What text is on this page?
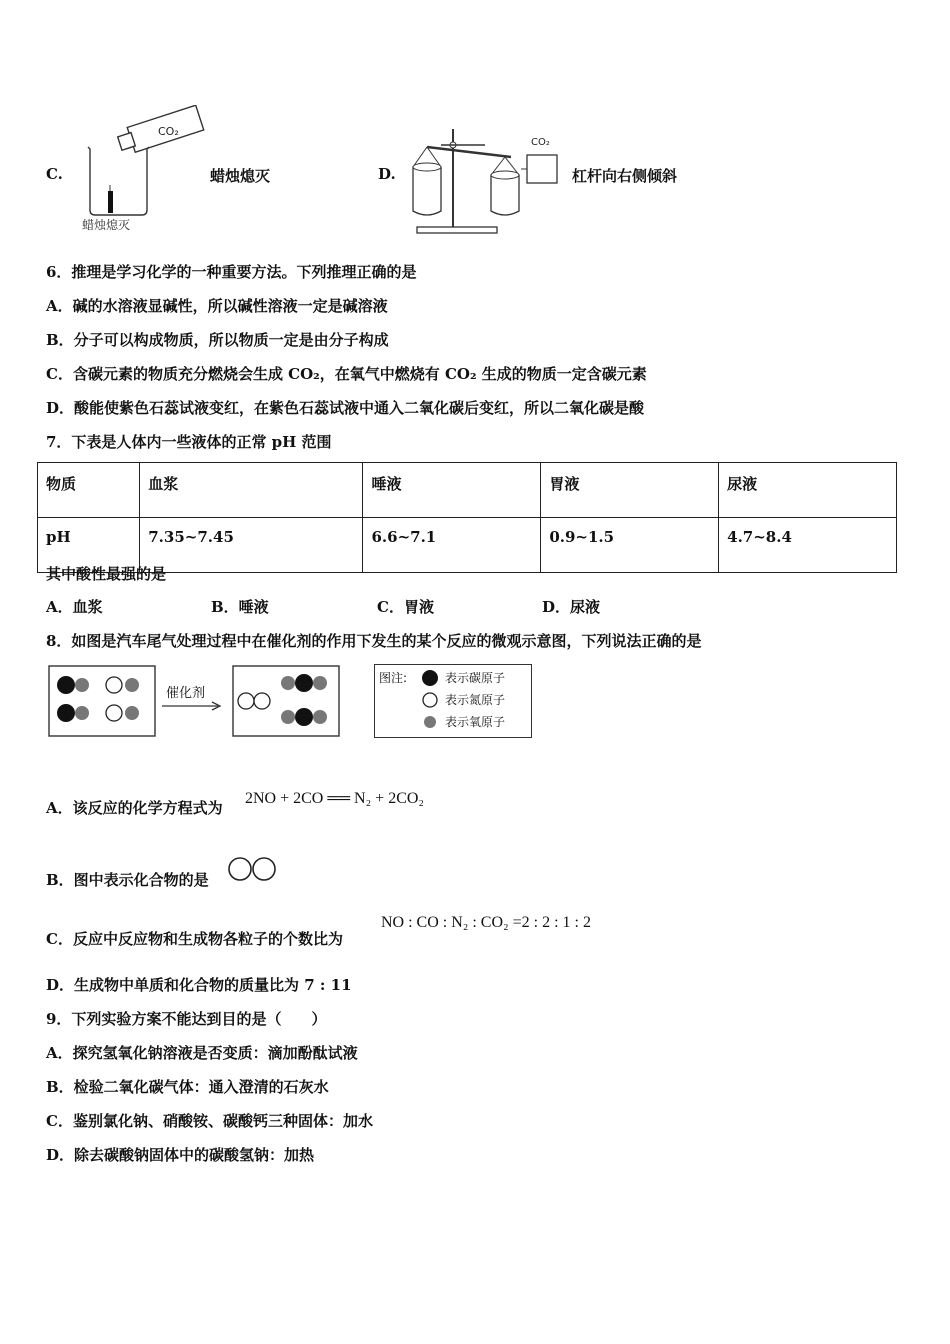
C.
CO₂
蜡烛熄灭
蜡烛熄灭	D.
CO₂
杠杆向右侧倾斜
6．推理是学习化学的一种重要方法。下列推理正确的是
A．碱的水溶液显碱性，所以碱性溶液一定是碱溶液
B．分子可以构成物质，所以物质一定是由分子构成
C．含碳元素的物质充分燃烧会生成 CO₂，在氧气中燃烧有 CO₂ 生成的物质一定含碳元素
D．酸能使紫色石蕊试液变红，在紫色石蕊试液中通入二氧化碳后变红，所以二氧化碳是酸
7．下表是人体内一些液体的正常 pH 范围
物质	血浆	唾液	胃液	尿液
pH	7.35~7.45	6.6~7.1	0.9~1.5	4.7~8.4
其中酸性最强的是
A．血浆	B．唾液	C．胃液	D．尿液
8．如图是汽车尾气处理过程中在催化剂的作用下发生的某个反应的微观示意图，下列说法正确的是
催化剂
图注:	表示碳原子
表示氮原子
表示氧原子
A．该反应的化学方程式为
2NO + 2CO ══ N₂ + 2CO₂
B．图中表示化合物的是
C．反应中反应物和生成物各粒子的个数比为
NO : CO : N₂ : CO₂ =2 : 2 : 1 : 2
D．生成物中单质和化合物的质量比为 7 : 11
9．下列实验方案不能达到目的是（　　）
A．探究氢氧化钠溶液是否变质：滴加酚酞试液
B．检验二氧化碳气体：通入澄清的石灰水
C．鉴别氯化钠、硝酸铵、碳酸钙三种固体：加水
D．除去碳酸钠固体中的碳酸氢钠：加热
